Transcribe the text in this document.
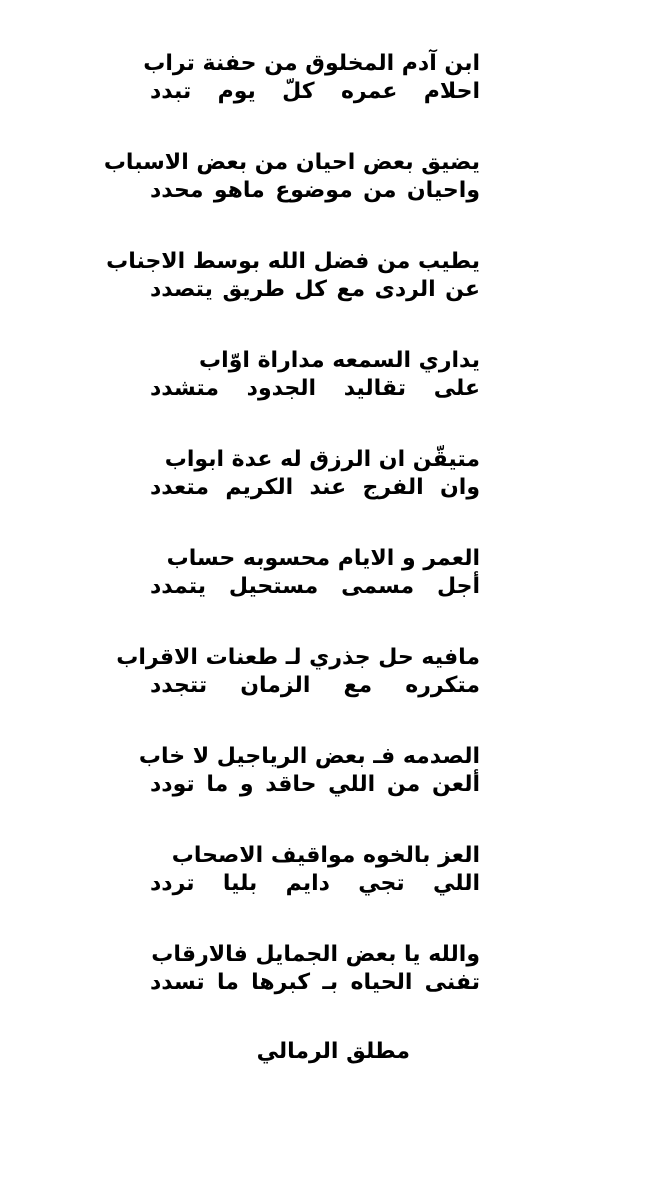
ابن آدم المخلوق من حفنة تراب
احلام عمره كلّ يوم تبدد
يضيق بعض احيان من بعض الاسباب
واحيان من موضوع ماهو محدد
يطيب من فضل الله بوسط الاجناب
عن الردى مع كل طريق يتصدد
يداري السمعه مداراة اوّاب
على تقاليد الجدود متشدد
متيقّن ان الرزق له عدة ابواب
وان الفرج عند الكريم متعدد
العمر و الايام محسوبه حساب
أجل مسمى مستحيل يتمدد
مافيه حل جذري لـ طعنات الاقراب
متكرره مع الزمان تتجدد
الصدمه فـ بعض الرياجيل لا خاب
ألعن من اللي حاقد و ما تودد
العز بالخوه مواقيف الاصحاب
اللي تجي دايم بليا تردد
والله يا بعض الجمايل فالارقاب
تفنى الحياه بـ كبرها ما تسدد
مطلق الرمالي
